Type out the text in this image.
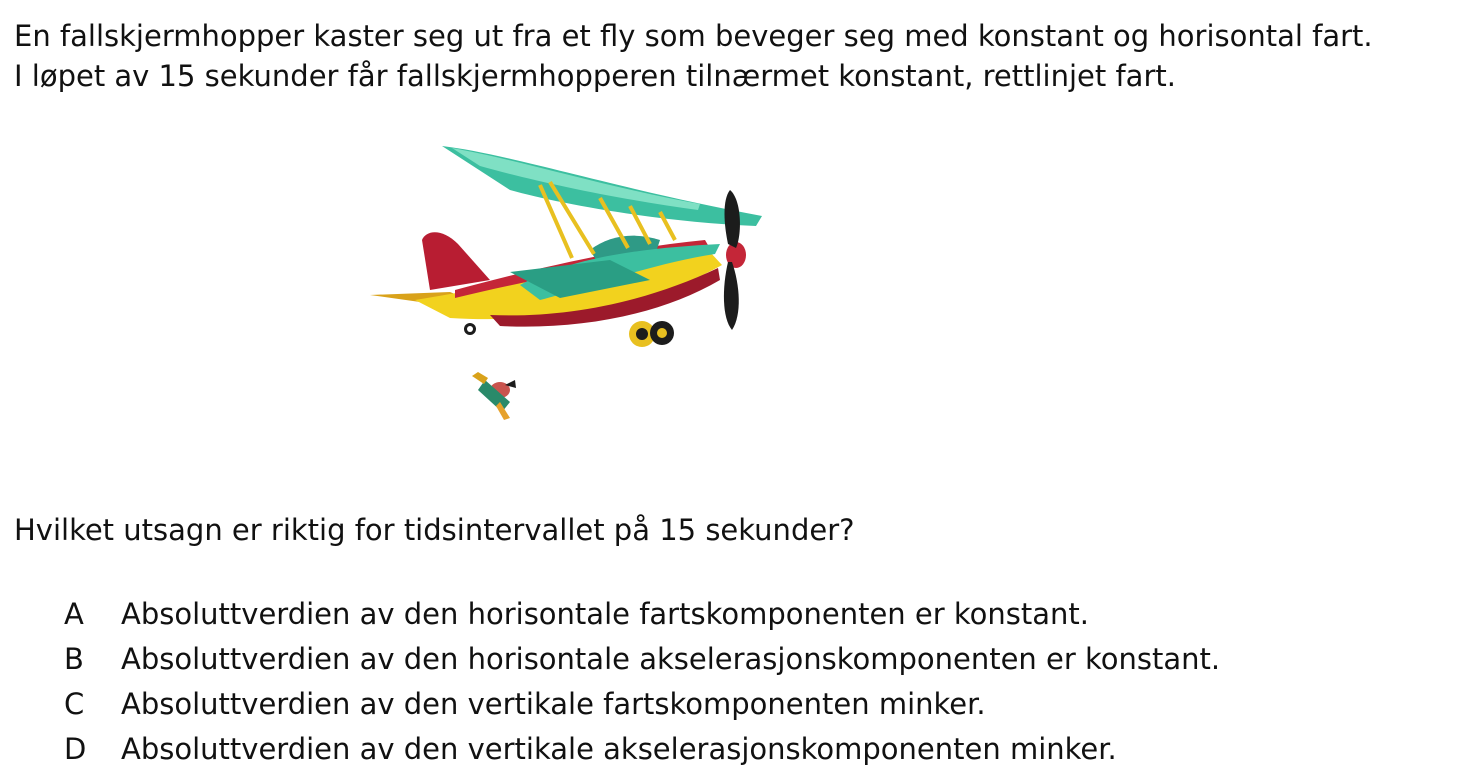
En fallskjermhopper kaster seg ut fra et fly som beveger seg med konstant og horisontal fart.

I løpet av 15 sekunder får fallskjermhopperen tilnærmet konstant, rettlinjet fart.

Hvilket utsagn er riktig for tidsintervallet på 15 sekunder?

A	Absoluttverdien av den horisontale fartskomponenten er konstant.
B	Absoluttverdien av den horisontale akselerasjonskomponenten er konstant.
C	Absoluttverdien av den vertikale fartskomponenten minker.
D	Absoluttverdien av den vertikale akselerasjonskomponenten minker.
